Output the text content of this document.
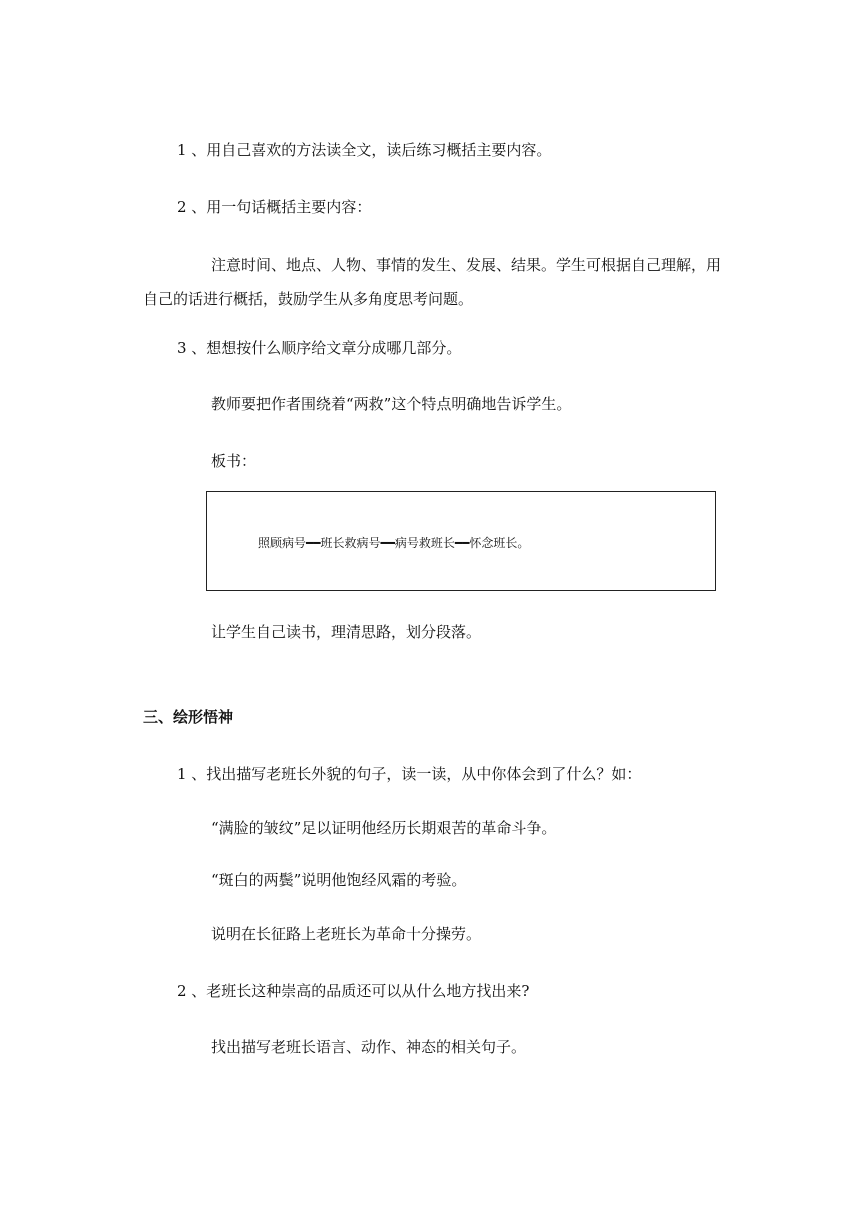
1 、用自己喜欢的方法读全文，读后练习概括主要内容。
2 、用一句话概括主要内容：
注意时间、地点、人物、事情的发生、发展、结果。学生可根据自己理解，用自己的话进行概括，鼓励学生从多角度思考问题。
3 、想想按什么顺序给文章分成哪几部分。
教师要把作者围绕着“两救”这个特点明确地告诉学生。
板书：
照顾病号━━班长救病号━━病号救班长━━怀念班长。
让学生自己读书，理清思路，划分段落。
三、绘形悟神
1 、找出描写老班长外貌的句子，读一读，从中你体会到了什么？如：
“满脸的皱纹”足以证明他经历长期艰苦的革命斗争。
“斑白的两鬓”说明他饱经风霜的考验。
说明在长征路上老班长为革命十分操劳。
2 、老班长这种崇高的品质还可以从什么地方找出来?
找出描写老班长语言、动作、神态的相关句子。
